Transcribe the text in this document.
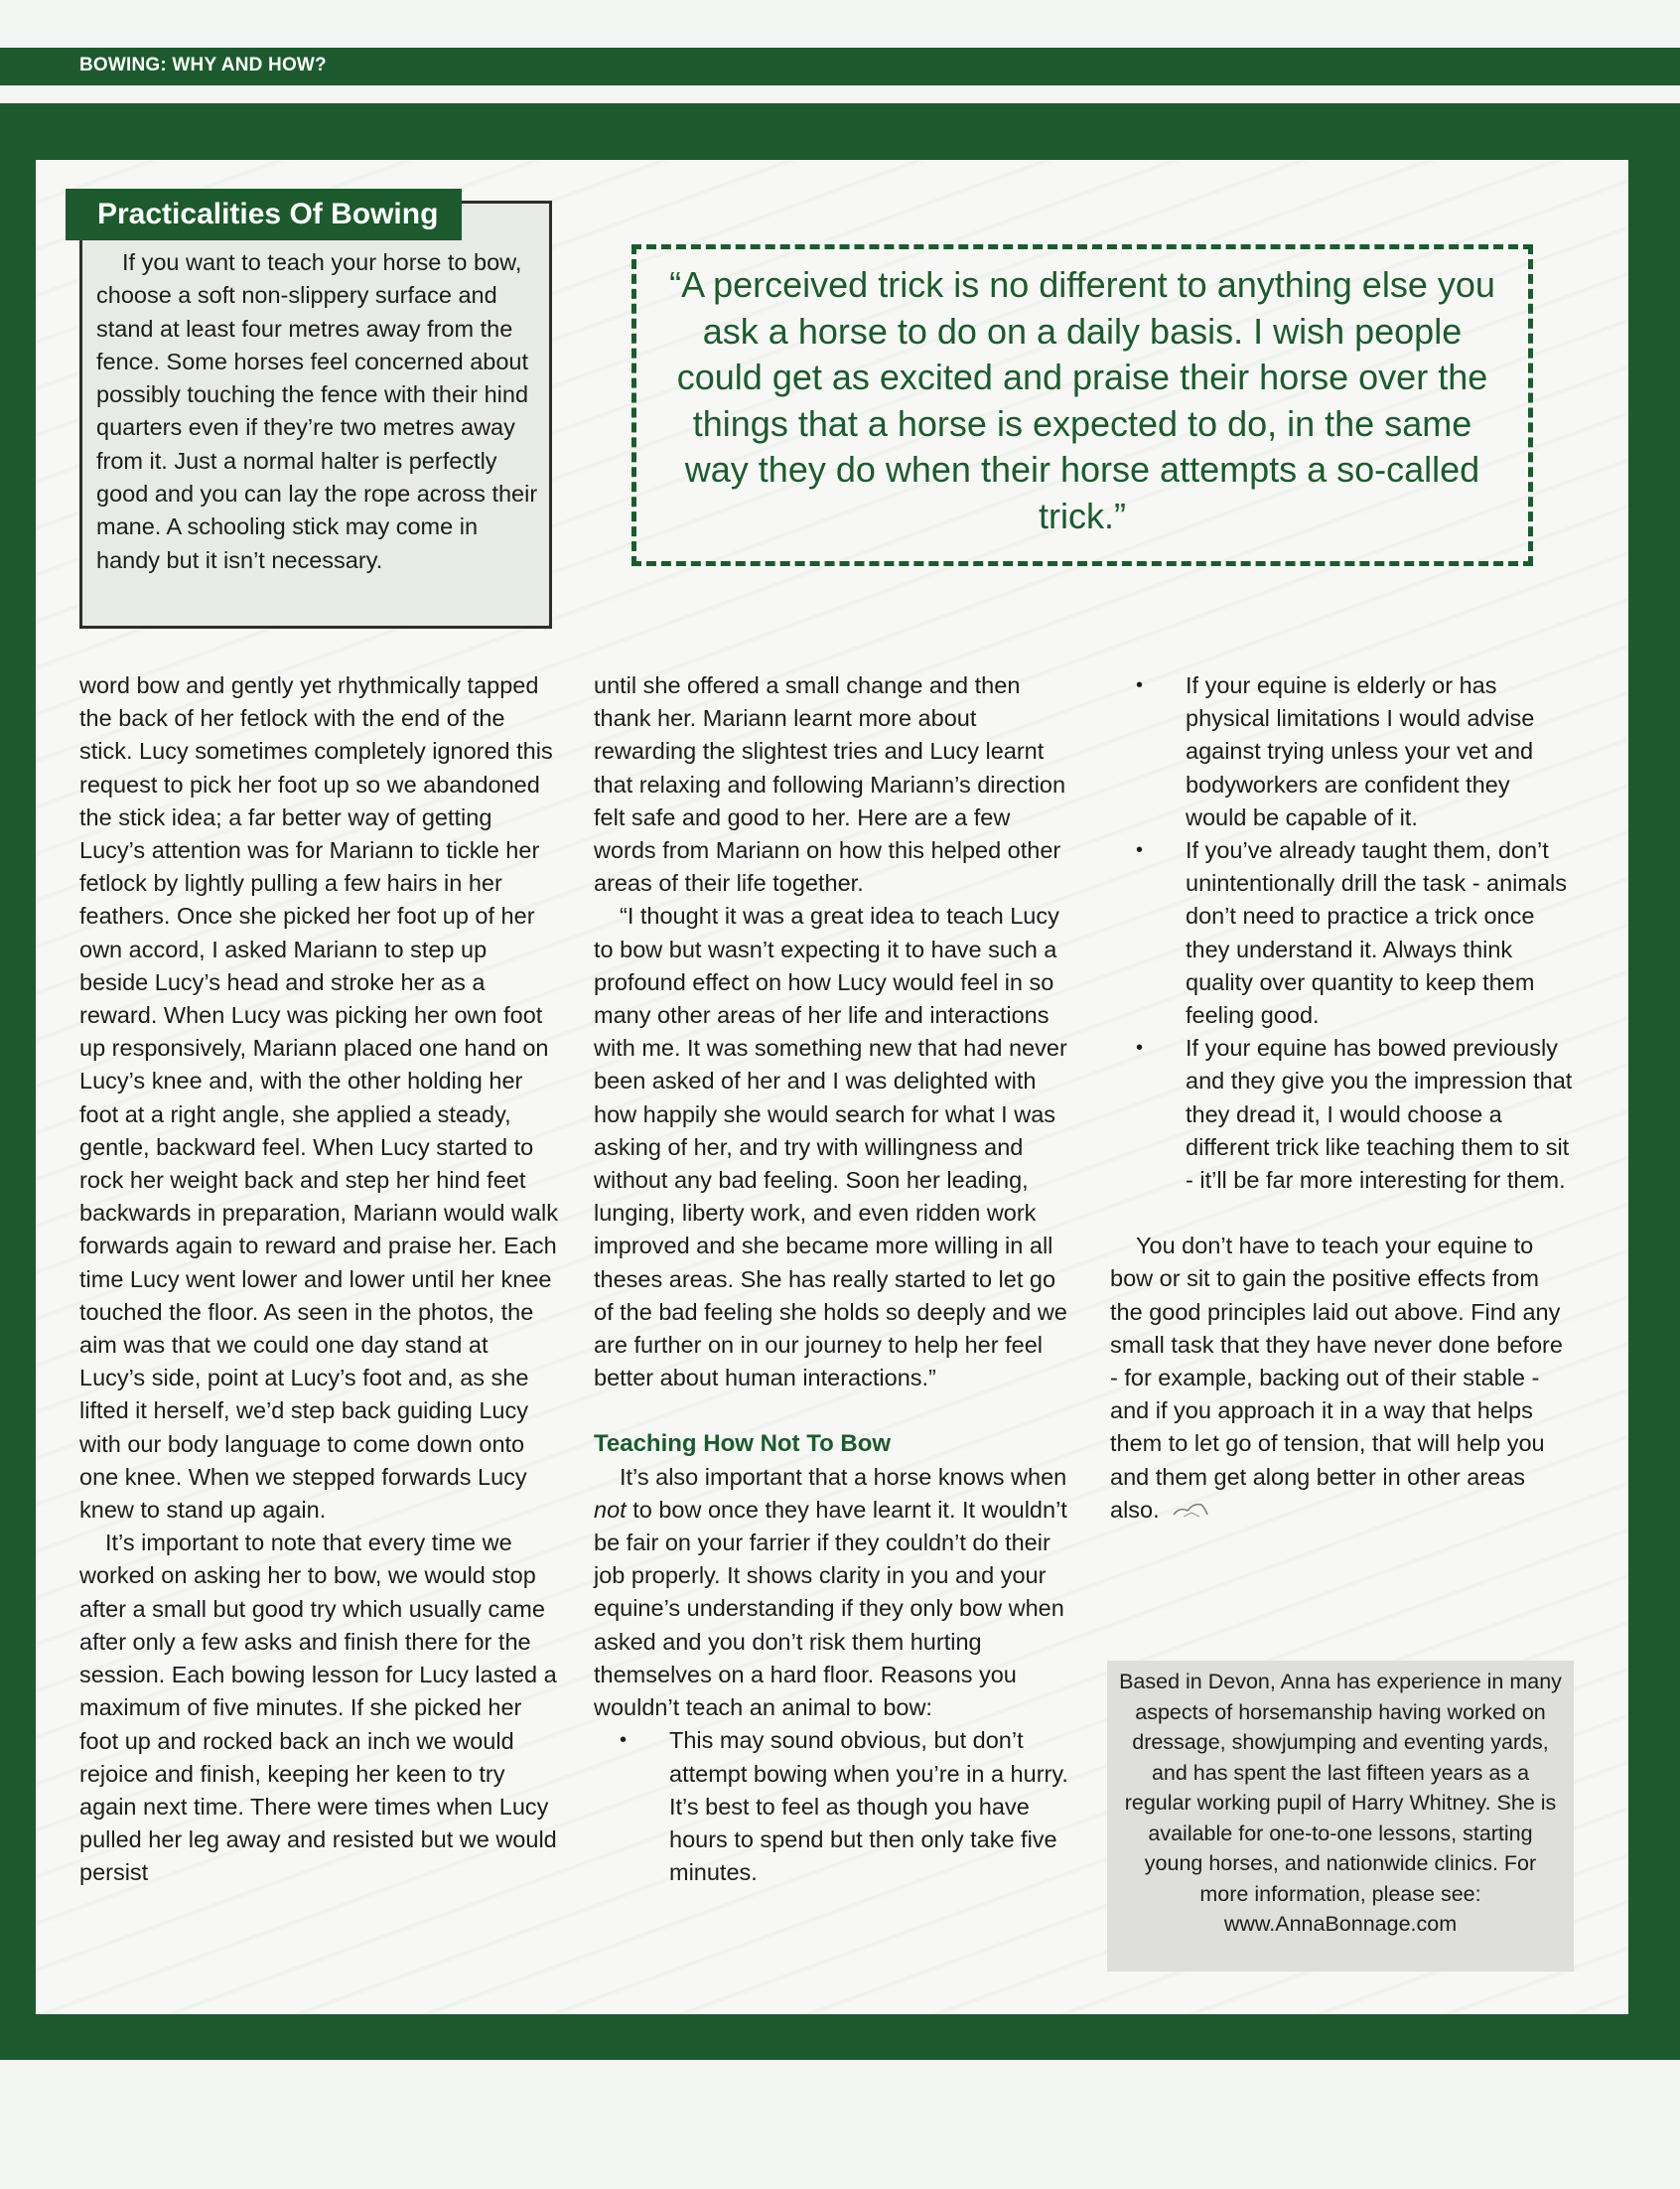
BOWING: WHY AND HOW?
Practicalities Of Bowing
If you want to teach your horse to bow, choose a soft non-slippery surface and stand at least four metres away from the fence. Some horses feel concerned about possibly touching the fence with their hind quarters even if they’re two metres away from it. Just a normal halter is perfectly good and you can lay the rope across their mane. A schooling stick may come in handy but it isn’t necessary.
“A perceived trick is no different to anything else you ask a horse to do on a daily basis. I wish people could get as excited and praise their horse over the things that a horse is expected to do, in the same way they do when their horse attempts a so-called trick.”

word bow and gently yet rhythmically tapped the back of her fetlock with the end of the stick. Lucy sometimes completely ignored this request to pick her foot up so we abandoned the stick idea; a far better way of getting Lucy’s attention was for Mariann to tickle her fetlock by lightly pulling a few hairs in her feathers. Once she picked her foot up of her own accord, I asked Mariann to step up beside Lucy’s head and stroke her as a reward. When Lucy was picking her own foot up responsively, Mariann placed one hand on Lucy’s knee and, with the other holding her foot at a right angle, she applied a steady, gentle, backward feel. When Lucy started to rock her weight back and step her hind feet backwards in preparation, Mariann would walk forwards again to reward and praise her. Each time Lucy went lower and lower until her knee touched the floor. As seen in the photos, the aim was that we could one day stand at Lucy’s side, point at Lucy’s foot and, as she lifted it herself, we’d step back guiding Lucy with our body language to come down onto one knee. When we stepped forwards Lucy knew to stand up again.

It’s important to note that every time we worked on asking her to bow, we would stop after a small but good try which usually came after only a few asks and finish there for the session. Each bowing lesson for Lucy lasted a maximum of five minutes. If she picked her foot up and rocked back an inch we would rejoice and finish, keeping her keen to try again next time. There were times when Lucy pulled her leg away and resisted but we would persist

until she offered a small change and then thank her. Mariann learnt more about rewarding the slightest tries and Lucy learnt that relaxing and following Mariann’s direction felt safe and good to her. Here are a few words from Mariann on how this helped other areas of their life together.

“I thought it was a great idea to teach Lucy to bow but wasn’t expecting it to have such a profound effect on how Lucy would feel in so many other areas of her life and interactions with me. It was something new that had never been asked of her and I was delighted with how happily she would search for what I was asking of her, and try with willingness and without any bad feeling. Soon her leading, lunging, liberty work, and even ridden work improved and she became more willing in all theses areas. She has really started to let go of the bad feeling she holds so deeply and we are further on in our journey to help her feel better about human interactions.”

Teaching How Not To Bow

It’s also important that a horse knows when not to bow once they have learnt it. It wouldn’t be fair on your farrier if they couldn’t do their job properly. It shows clarity in you and your equine’s understanding if they only bow when asked and you don’t risk them hurting themselves on a hard floor. Reasons you wouldn’t teach an animal to bow:

• This may sound obvious, but don’t attempt bowing when you’re in a hurry. It’s best to feel as though you have hours to spend but then only take five minutes.
• If your equine is elderly or has physical limitations I would advise against trying unless your vet and bodyworkers are confident they would be capable of it.
• If you’ve already taught them, don’t unintentionally drill the task - animals don’t need to practice a trick once they understand it. Always think quality over quantity to keep them feeling good.
• If your equine has bowed previously and they give you the impression that they dread it, I would choose a different trick like teaching them to sit - it’ll be far more interesting for them.

You don’t have to teach your equine to bow or sit to gain the positive effects from the good principles laid out above. Find any small task that they have never done before - for example, backing out of their stable - and if you approach it in a way that helps them to let go of tension, that will help you and them get along better in other areas also.

Based in Devon, Anna has experience in many aspects of horsemanship having worked on dressage, showjumping and eventing yards, and has spent the last fifteen years as a regular working pupil of Harry Whitney. She is available for one-to-one lessons, starting young horses, and nationwide clinics. For more information, please see: www.AnnaBonnage.com
